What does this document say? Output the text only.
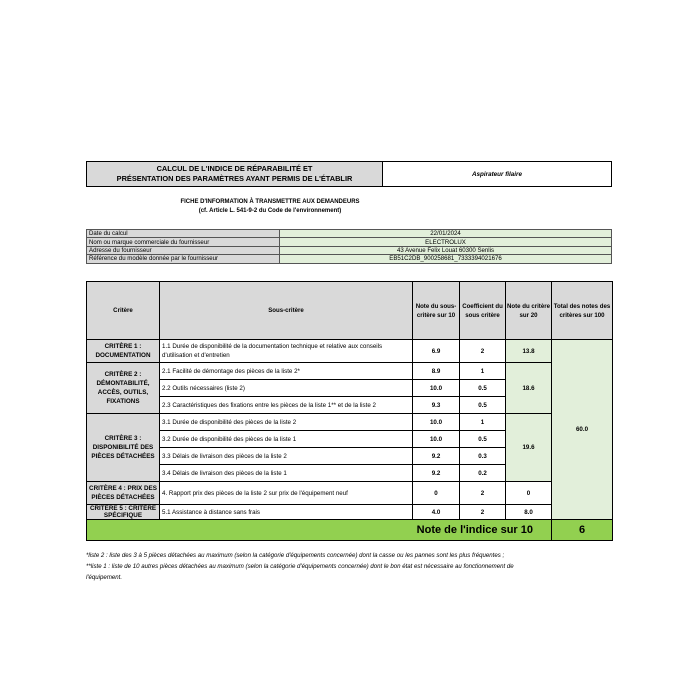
CALCUL DE L'INDICE DE RÉPARABILITÉ ET
PRÉSENTATION DES PARAMÈTRES AYANT PERMIS DE L'ÉTABLIR	Aspirateur filaire
FICHE D'INFORMATION À TRANSMETTRE AUX DEMANDEURS
(cf. Article L. 541-9-2 du Code de l'environnement)
Date du calcul	22/01/2024
Nom ou marque commerciale du fournisseur	ELECTROLUX
Adresse du fournisseur	43 Avenue Felix Louat 60300 Senlis
Référence du modèle donnée par le fournisseur	EB51C2DB_900258681_7333394021676
Critère	Sous-critère	Note du sous-critère sur 10	Coefficient du sous critère	Note du critère sur 20	Total des notes des critères sur 100
CRITÈRE 1 : DOCUMENTATION	1.1 Durée de disponibilité de la documentation technique et relative aux conseils d'utilisation et d'entretien	6.9	2	13.8	60.0
CRITÈRE 2 : DÉMONTABILITÉ, ACCÈS, OUTILS, FIXATIONS	2.1 Facilité de démontage des pièces de la liste 2*	8.9	1	18.6	
	2.2 Outils nécessaires (liste 2)	10.0	0.5		
	2.3 Caractéristiques des fixations entre les pièces de la liste 1** et de la liste 2	9.3	0.5		
CRITÈRE 3 : DISPONIBILITÉ DES PIÈCES DÉTACHÉES	3.1 Durée de disponibilité des pièces de la liste 2	10.0	1	19.6	
	3.2 Durée de disponibilité des pièces de la liste 1	10.0	0.5		
	3.3 Délais de livraison des pièces de la liste 2	9.2	0.3		
	3.4 Délais de livraison des pièces de la liste 1	9.2	0.2		
CRITÈRE 4 : PRIX DES PIÈCES DÉTACHÉES	4. Rapport prix des pièces de la liste 2 sur prix de l'équipement neuf	0	2	0	
CRITÈRE 5 : CRITÈRE SPÉCIFIQUE	5.1 Assistance à distance sans frais	4.0	2	8.0	
Note de l'indice sur 10					6
*liste 2 : liste des 3 à 5 pièces détachées au maximum (selon la catégorie d'équipements concernée) dont la casse ou les pannes sont les plus fréquentes ;
**liste 1 : liste de 10 autres pièces détachées au maximum (selon la catégorie d'équipements concernée) dont le bon état est nécessaire au fonctionnement de
l'équipement.
